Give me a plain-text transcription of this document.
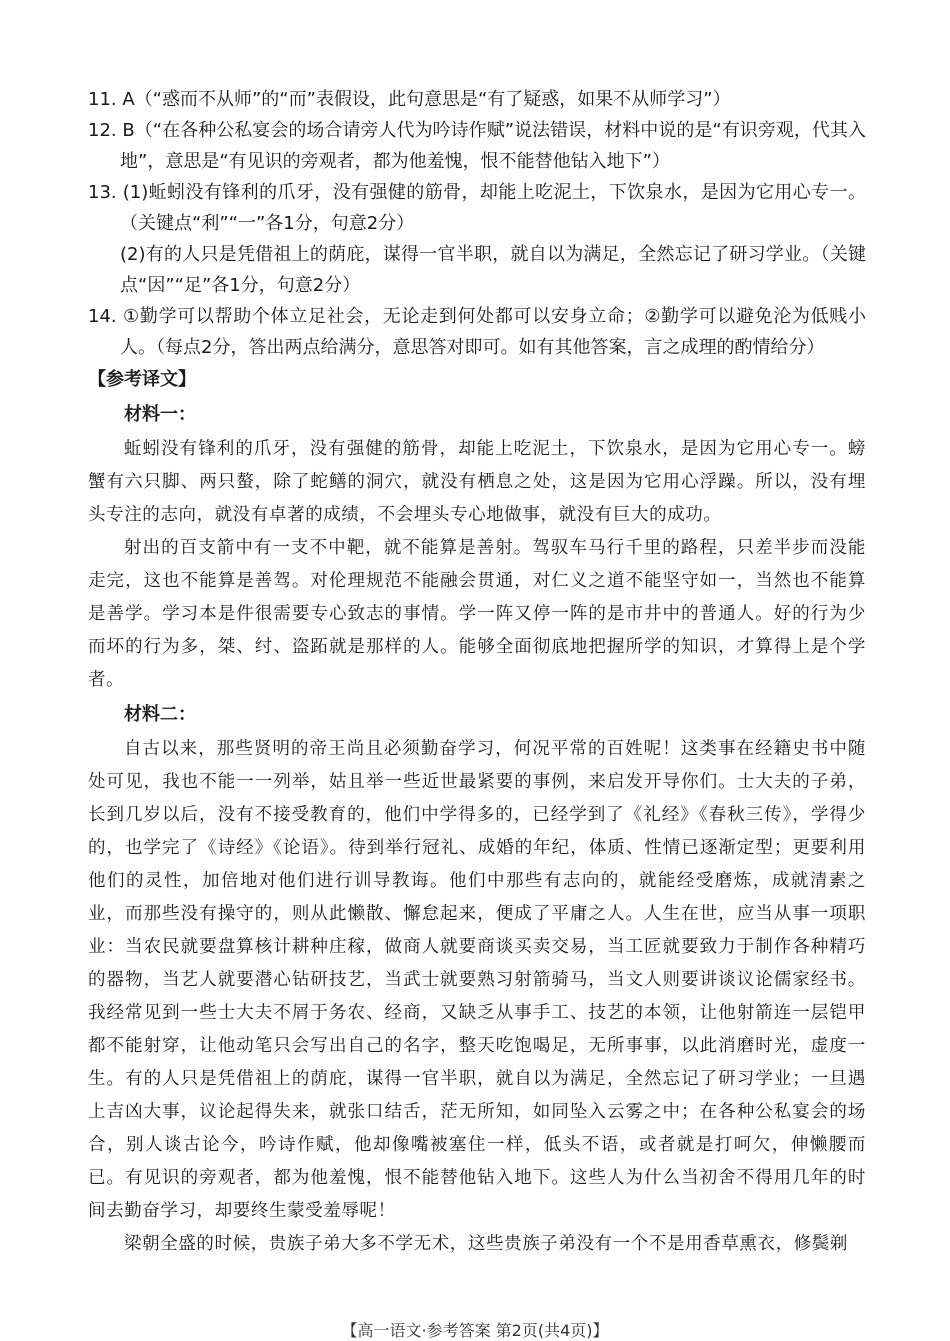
11. A（“惑而不从师”的“而”表假设，此句意思是“有了疑惑，如果不从师学习”）

12. B（“在各种公私宴会的场合请旁人代为吟诗作赋”说法错误，材料中说的是“有识旁观，代其入地”，意思是“有见识的旁观者，都为他羞愧，恨不能替他钻入地下”）

13. (1)蚯蚓没有锋利的爪牙，没有强健的筋骨，却能上吃泥土，下饮泉水，是因为它用心专一。（关键点“利”“一”各1分，句意2分）

(2)有的人只是凭借祖上的荫庇，谋得一官半职，就自以为满足，全然忘记了研习学业。（关键点“因”“足”各1分，句意2分）

14. ①勤学可以帮助个体立足社会，无论走到何处都可以安身立命；②勤学可以避免沦为低贱小人。（每点2分，答出两点给满分，意思答对即可。如有其他答案，言之成理的酌情给分）

【参考译文】

材料一：

蚯蚓没有锋利的爪牙，没有强健的筋骨，却能上吃泥土，下饮泉水，是因为它用心专一。螃蟹有六只脚、两只螯，除了蛇鳝的洞穴，就没有栖息之处，这是因为它用心浮躁。所以，没有埋头专注的志向，就没有卓著的成绩，不会埋头专心地做事，就没有巨大的成功。

射出的百支箭中有一支不中靶，就不能算是善射。驾驭车马行千里的路程，只差半步而没能走完，这也不能算是善驾。对伦理规范不能融会贯通，对仁义之道不能坚守如一，当然也不能算是善学。学习本是件很需要专心致志的事情。学一阵又停一阵的是市井中的普通人。好的行为少而坏的行为多，桀、纣、盗跖就是那样的人。能够全面彻底地把握所学的知识，才算得上是个学者。

材料二：

自古以来，那些贤明的帝王尚且必须勤奋学习，何况平常的百姓呢！这类事在经籍史书中随处可见，我也不能一一列举，姑且举一些近世最紧要的事例，来启发开导你们。士大夫的子弟，长到几岁以后，没有不接受教育的，他们中学得多的，已经学到了《礼经》《春秋三传》，学得少的，也学完了《诗经》《论语》。待到举行冠礼、成婚的年纪，体质、性情已逐渐定型；更要利用他们的灵性，加倍地对他们进行训导教诲。他们中那些有志向的，就能经受磨炼，成就清素之业，而那些没有操守的，则从此懒散、懈怠起来，便成了平庸之人。人生在世，应当从事一项职业：当农民就要盘算核计耕种庄稼，做商人就要商谈买卖交易，当工匠就要致力于制作各种精巧的器物，当艺人就要潜心钻研技艺，当武士就要熟习射箭骑马，当文人则要讲谈议论儒家经书。我经常见到一些士大夫不屑于务农、经商，又缺乏从事手工、技艺的本领，让他射箭连一层铠甲都不能射穿，让他动笔只会写出自己的名字，整天吃饱喝足，无所事事，以此消磨时光，虚度一生。有的人只是凭借祖上的荫庇，谋得一官半职，就自以为满足，全然忘记了研习学业；一旦遇上吉凶大事，议论起得失来，就张口结舌，茫无所知，如同坠入云雾之中；在各种公私宴会的场合，别人谈古论今，吟诗作赋，他却像嘴被塞住一样，低头不语，或者就是打呵欠，伸懒腰而已。有见识的旁观者，都为他羞愧，恨不能替他钻入地下。这些人为什么当初舍不得用几年的时间去勤奋学习，却要终生蒙受羞辱呢！

梁朝全盛的时候，贵族子弟大多不学无术，这些贵族子弟没有一个不是用香草熏衣，修鬓剃

【高一语文·参考答案 第2页(共4页)】
